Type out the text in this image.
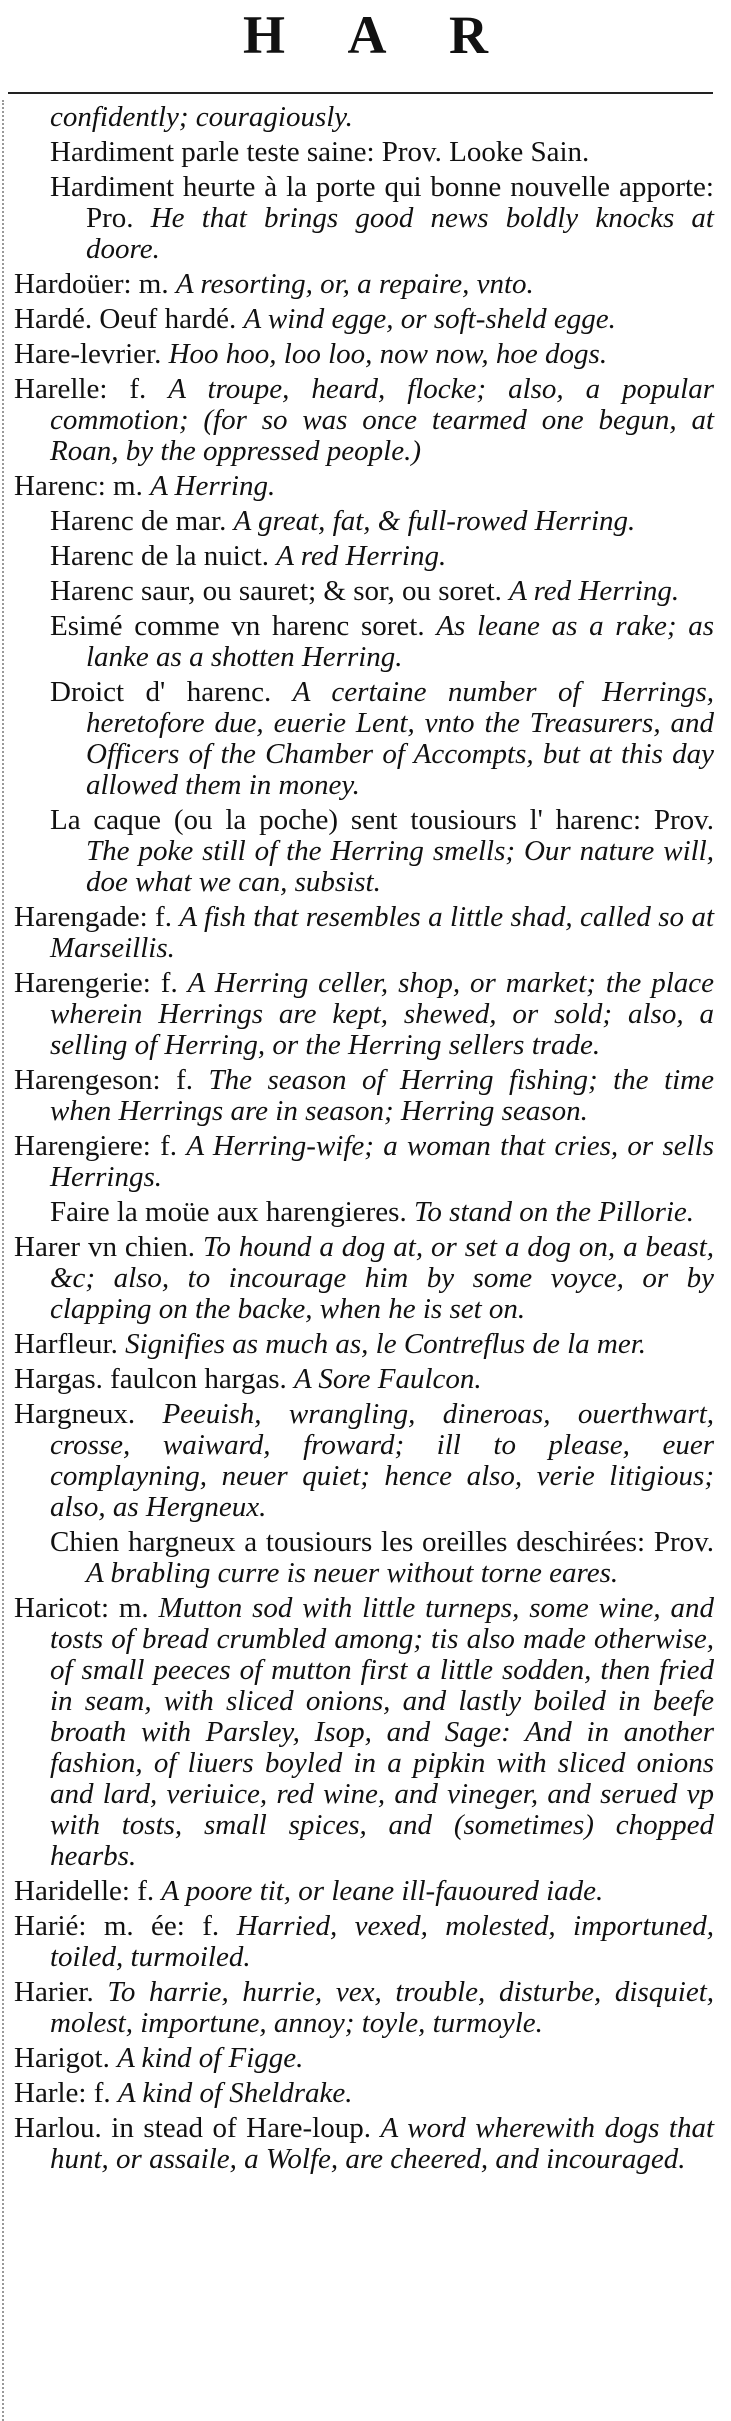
H A R

confidently; couragiously.

Hardiment parle teste saine: Prov. Looke Sain.

Hardiment heurte à la porte qui bonne nouvelle apporte: Pro. He that brings good news boldly knocks at doore.

Hardoüer: m. A resorting, or, a repaire, vnto.

Hardé. Oeuf hardé. A wind egge, or soft-sheld egge.

Hare-levrier. Hoo hoo, loo loo, now now, hoe dogs.

Harelle: f. A troupe, heard, flocke; also, a popular commotion; (for so was once tearmed one begun, at Roan, by the oppressed people.)

Harenc: m. A Herring.

Harenc de mar. A great, fat, & full-rowed Herring.

Harenc de la nuict. A red Herring.

Harenc saur, ou sauret; & sor, ou soret. A red Herring.

Esimé comme vn harenc soret. As leane as a rake; as lanke as a shotten Herring.

Droict d' harenc. A certaine number of Herrings, heretofore due, euerie Lent, vnto the Treasurers, and Officers of the Chamber of Accompts, but at this day allowed them in money.

La caque (ou la poche) sent tousiours l' harenc: Prov. The poke still of the Herring smells; Our nature will, doe what we can, subsist.

Harengade: f. A fish that resembles a little shad, called so at Marseillis.

Harengerie: f. A Herring celler, shop, or market; the place wherein Herrings are kept, shewed, or sold; also, a selling of Herring, or the Herring sellers trade.

Harengeson: f. The season of Herring fishing; the time when Herrings are in season; Herring season.

Harengiere: f. A Herring-wife; a woman that cries, or sells Herrings.

Faire la moüe aux harengieres. To stand on the Pillorie.

Harer vn chien. To hound a dog at, or set a dog on, a beast, &c; also, to incourage him by some voyce, or by clapping on the backe, when he is set on.

Harfleur. Signifies as much as, le Contreflus de la mer.

Hargas. faulcon hargas. A Sore Faulcon.

Hargneux. Peeuish, wrangling, dineroas, ouerthwart, crosse, waiward, froward; ill to please, euer complayning, neuer quiet; hence also, verie litigious; also, as Hergneux.

Chien hargneux a tousiours les oreilles deschirées: Prov. A brabling curre is neuer without torne eares.

Haricot: m. Mutton sod with little turneps, some wine, and tosts of bread crumbled among; tis also made otherwise, of small peeces of mutton first a little sodden, then fried in seam, with sliced onions, and lastly boiled in beefe broath with Parsley, Isop, and Sage: And in another fashion, of liuers boyled in a pipkin with sliced onions and lard, veriuice, red wine, and vineger, and serued vp with tosts, small spices, and (sometimes) chopped hearbs.

Haridelle: f. A poore tit, or leane ill-fauoured iade.

Harié: m. ée: f. Harried, vexed, molested, importuned, toiled, turmoiled.

Harier. To harrie, hurrie, vex, trouble, disturbe, disquiet, molest, importune, annoy; toyle, turmoyle.

Harigot. A kind of Figge.

Harle: f. A kind of Sheldrake.

Harlou. in stead of Hare-loup. A word wherewith dogs that hunt, or assaile, a Wolfe, are cheered, and incouraged.
